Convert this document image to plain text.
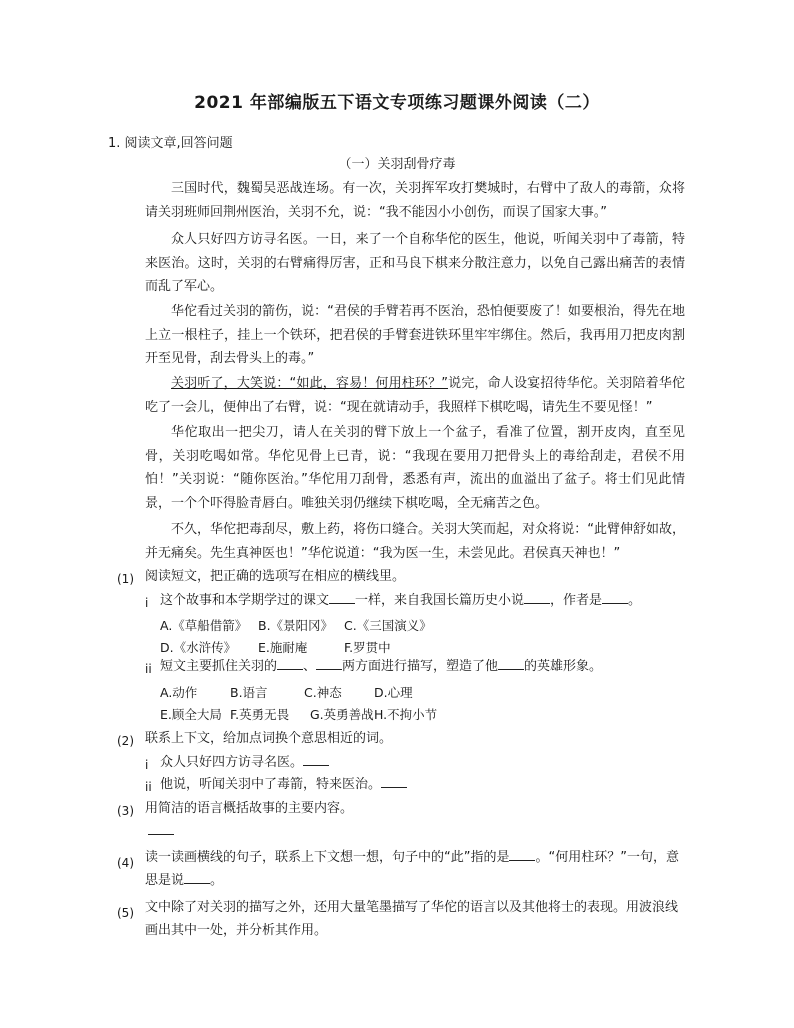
2021 年部编版五下语文专项练习题课外阅读（二）
1. 阅读文章,回答问题
（一）关羽刮骨疗毒
三国时代，魏蜀吴恶战连场。有一次，关羽挥军攻打樊城时，右臂中了敌人的毒箭，众将请关羽班师回荆州医治，关羽不允，说：“我不能因小小创伤，而误了国家大事。”
众人只好四方访寻名医。一日，来了一个自称华佗的医生，他说，听闻关羽中了毒箭，特来医治。这时，关羽的右臂痛得厉害，正和马良下棋来分散注意力，以免自己露出痛苦的表情而乱了军心。
华佗看过关羽的箭伤，说：“君侯的手臂若再不医治，恐怕便要废了！如要根治，得先在地上立一根柱子，挂上一个铁环，把君侯的手臂套进铁环里牢牢绑住。然后，我再用刀把皮肉割开至见骨，刮去骨头上的毒。”
关羽听了，大笑说：“如此，容易！何用柱环？”说完，命人设宴招待华佗。关羽陪着华佗吃了一会儿，便伸出了右臂，说：“现在就请动手，我照样下棋吃喝，请先生不要见怪！”
华佗取出一把尖刀，请人在关羽的臂下放上一个盆子，看准了位置，割开皮肉，直至见骨，关羽吃喝如常。华佗见骨上已青，说：“我现在要用刀把骨头上的毒给刮走，君侯不用怕！”关羽说：“随你医治。”华佗用刀刮骨，悉悉有声，流出的血溢出了盆子。将士们见此情景，一个个吓得脸青唇白。唯独关羽仍继续下棋吃喝，全无痛苦之色。
不久，华佗把毒刮尽，敷上药，将伤口缝合。关羽大笑而起，对众将说：“此臂伸舒如故，并无痛矣。先生真神医也！”华佗说道：“我为医一生，未尝见此。君侯真天神也！”
(1) 阅读短文，把正确的选项写在相应的横线里。
i 这个故事和本学期学过的课文 一样，来自我国长篇历史小说 ，作者是 。
A.《草船借箭》 B.《景阳冈》 C.《三国演义》
D.《水浒传》 E.施耐庵	F.罗贯中
ii 短文主要抓住关羽的 、 两方面进行描写，塑造了他 的英雄形象。
A.动作	B.语言	C.神态	D.心理
E.顾全大局 F.英勇无畏 G.英勇善战 H.不拘小节
(2) 联系上下文，给加点词换个意思相近的词。
i 众人只好四方访寻名医。
ii 他说，听闻关羽中了毒箭，特来医治。
(3) 用简洁的语言概括故事的主要内容。
(4) 读一读画横线的句子，联系上下文想一想，句子中的“此”指的是 。“何用柱环？”一句，意思是说 。
(5) 文中除了对关羽的描写之外，还用大量笔墨描写了华佗的语言以及其他将士的表现。用波浪线画出其中一处，并分析其作用。
